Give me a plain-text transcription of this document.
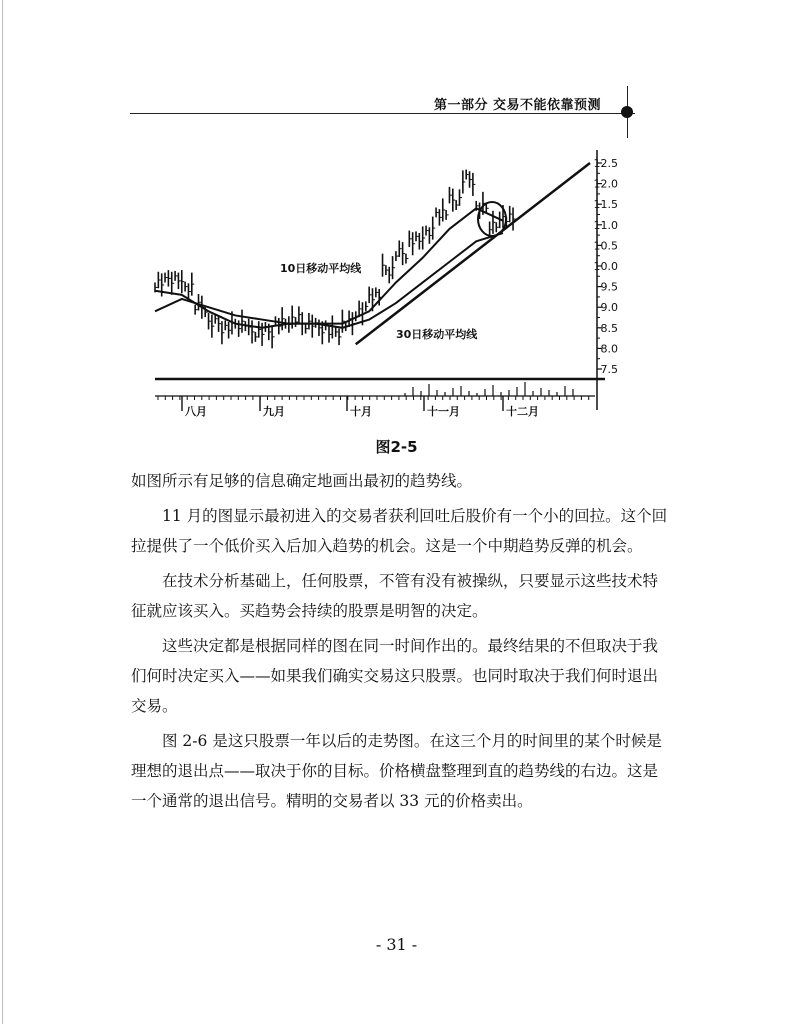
第一部分 交易不能依靠预测
12.5
12.0
11.5
11.0
10.5
10.0
9.5
9.0
8.5
8.0
7.5
八月	九月	十月	十一月	十二月
10日移动平均线
30日移动平均线
图2-5

如图所示有足够的信息确定地画出最初的趋势线。

11 月的图显示最初进入的交易者获利回吐后股价有一个小的回拉。这个回拉提供了一个低价买入后加入趋势的机会。这是一个中期趋势反弹的机会。

在技术分析基础上，任何股票，不管有没有被操纵，只要显示这些技术特征就应该买入。买趋势会持续的股票是明智的决定。

这些决定都是根据同样的图在同一时间作出的。最终结果的不但取决于我们何时决定买入——如果我们确实交易这只股票。也同时取决于我们何时退出交易。

图 2-6 是这只股票一年以后的走势图。在这三个月的时间里的某个时候是理想的退出点——取决于你的目标。价格横盘整理到直的趋势线的右边。这是一个通常的退出信号。精明的交易者以 33 元的价格卖出。

- 31 -
